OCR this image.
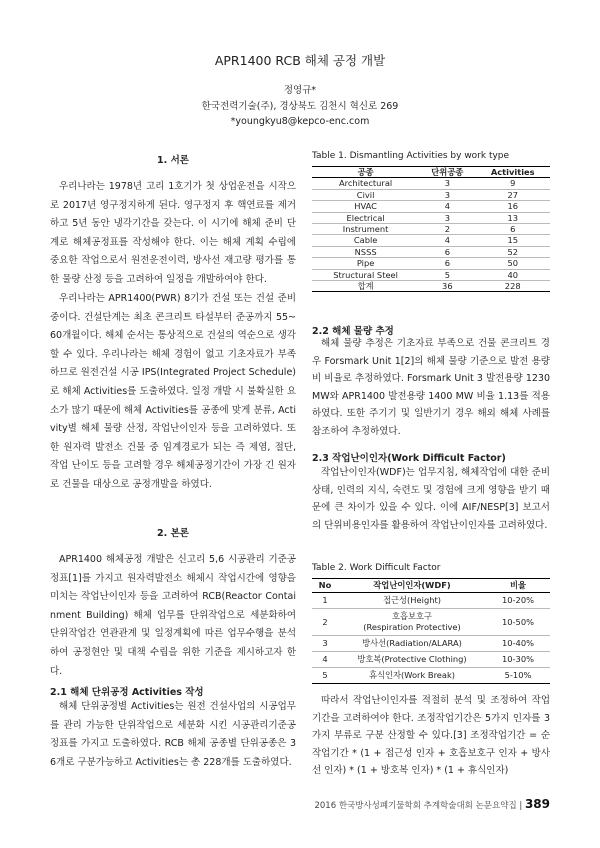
APR1400 RCB 해체 공정 개발
정영규*
한국전력기술(주), 경상북도 김천시 혁신로 269
*youngkyu8@kepco-enc.com
1. 서론
우리나라는 1978년 고리 1호기가 첫 상업운전을 시작으로 2017년 영구정지하게 된다. 영구정지 후 핵연료를 제거하고 5년 동안 냉각기간을 갖는다. 이 시기에 해체 준비 단계로 해체공정표를 작성해야 한다. 이는 해체 계획 수립에 중요한 작업으로서 원전운전이력, 방사선 재고량 평가를 통한 물량 산정 등을 고려하여 일정을 개발하여야 한다.
우리나라는 APR1400(PWR) 8기가 건설 또는 건설 준비 중이다. 건설단계는 최초 콘크리트 타설부터 준공까지 55~60개월이다. 해체 순서는 통상적으로 건설의 역순으로 생각할 수 있다. 우리나라는 해체 경험이 없고 기초자료가 부족하므로 원전건설 시공 IPS(Integrated Project Schedule)로 해체 Activities를 도출하였다. 일정 개발 시 불확실한 요소가 많기 때문에 해체 Activities를 공종에 맞게 분류, Activity별 해체 물량 산정, 작업난이인자 등을 고려하였다. 또한 원자력 발전소 건물 중 임계경로가 되는 즉 제염, 절단, 작업 난이도 등을 고려할 경우 해체공정기간이 가장 긴 원자로 건물을 대상으로 공정개발을 하였다.
2. 본론
APR1400 해체공정 개발은 신고리 5,6 시공관리 기준공정표[1]를 가지고 원자력발전소 해체시 작업시간에 영향을 미치는 작업난이인자 등을 고려하여 RCB(Reactor Containment Building) 해체 업무를 단위작업으로 세분화하여 단위작업간 연관관계 및 일정계획에 따른 업무수행을 분석하여 공정현안 및 대책 수립을 위한 기준을 제시하고자 한다.
2.1 해체 단위공정 Activities 작성
해체 단위공정별 Activities는 원전 건설사업의 시공업무를 관리 가능한 단위작업으로 세분화 시킨 시공관리기준공정표를 가지고 도출하였다. RCB 해체 공종별 단위공종은 36개로 구분가능하고 Activities는 총 228개를 도출하였다.
Table 1. Dismantling Activities by work type
공종	단위공종	Activities
Architectural	3	9
Civil	3	27
HVAC	4	16
Electrical	3	13
Instrument	2	6
Cable	4	15
NSSS	6	52
Pipe	6	50
Structural Steel	5	40
합계	36	228
2.2 해체 물량 추정
해체 물량 추정은 기초자료 부족으로 건물 콘크리트 경우 Forsmark Unit 1[2]의 해체 물량 기준으로 발전 용량비 비율로 추정하였다. Forsmark Unit 3 발전용량 1230 MW와 APR1400 발전용량 1400 MW 비율 1.13를 적용하였다. 또한 주기기 및 일반기기 경우 해외 해체 사례를 참조하여 추정하였다.
2.3 작업난이인자(Work Difficult Factor)
작업난이인자(WDF)는 업무지침, 해체작업에 대한 준비상태, 인력의 지식, 숙련도 및 경험에 크게 영향을 받기 때문에 큰 차이가 있을 수 있다. 이에 AIF/NESP[3] 보고서의 단위비용인자를 활용하여 작업난이인자를 고려하였다.
Table 2. Work Difficult Factor
No	작업난이인자(WDF)	비율
1	접근성(Height)	10-20%
2	호흡보호구
(Respiration Protective)	10-50%
3	방사선(Radiation/ALARA)	10-40%
4	방호복(Protective Clothing)	10-30%
5	휴식인자(Work Break)	5-10%
따라서 작업난이인자를 적절히 분석 및 조정하여 작업기간을 고려하여야 한다. 조정작업기간은 5가지 인자를 3가지 부류로 구분 산정할 수 있다.[3] 조정작업기간 = 순작업기간 * (1 + 접근성 인자 + 호흡보호구 인자 + 방사선 인자) * (1 + 방호복 인자) * (1 + 휴식인자)
2016 한국방사성폐기물학회 추계학술대회 논문요약집 | 389
